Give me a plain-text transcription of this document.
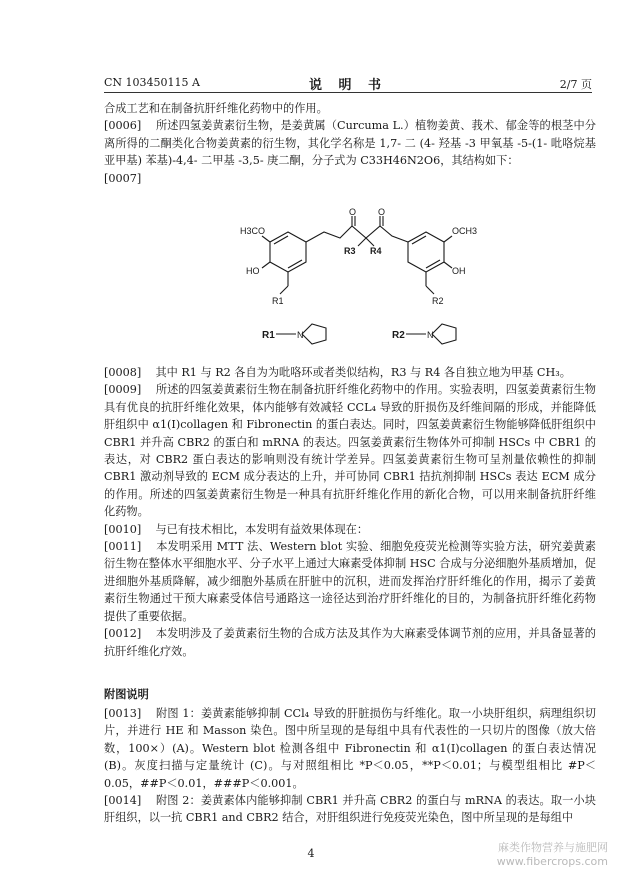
CN 103450115 A	说 明 书	2/7 页

合成工艺和在制备抗肝纤维化药物中的作用。

[0006] 所述四氢姜黄素衍生物，是姜黄属（Curcuma L.）植物姜黄、莪术、郁金等的根茎中分离所得的二酮类化合物姜黄素的衍生物，其化学名称是 1,7- 二 (4- 羟基 -3 甲氧基 -5-(1- 吡咯烷基亚甲基) 苯基)-4,4- 二甲基 -3,5- 庚二酮，分子式为 C33H46N2O6，其结构如下：

[0007]

H3CO	OCH3
HO	OH
O O
R3 R4
R1	R2
R1	R2
N	N

[0008] 其中 R1 与 R2 各自为为吡咯环或者类似结构，R3 与 R4 各自独立地为甲基 CH₃。

[0009] 所述的四氢姜黄素衍生物在制备抗肝纤维化药物中的作用。实验表明，四氢姜黄素衍生物具有优良的抗肝纤维化效果，体内能够有效减轻 CCL₄ 导致的肝损伤及纤维间隔的形成，并能降低肝组织中 α1(I)collagen 和 Fibronectin 的蛋白表达。同时，四氢姜黄素衍生物能够降低肝组织中 CBR1 并升高 CBR2 的蛋白和 mRNA 的表达。四氢姜黄素衍生物体外可抑制 HSCs 中 CBR1 的表达，对 CBR2 蛋白表达的影响则没有统计学差异。四氢姜黄素衍生物可呈剂量依赖性的抑制 CBR1 激动剂导致的 ECM 成分表达的上升，并可协同 CBR1 拮抗剂抑制 HSCs 表达 ECM 成分的作用。所述的四氢姜黄素衍生物是一种具有抗肝纤维化作用的新化合物，可以用来制备抗肝纤维化药物。

[0010] 与已有技术相比，本发明有益效果体现在：

[0011] 本发明采用 MTT 法、Western blot 实验、细胞免疫荧光检测等实验方法，研究姜黄素衍生物在整体水平细胞水平、分子水平上通过大麻素受体抑制 HSC 合成与分泌细胞外基质增加，促进细胞外基质降解，减少细胞外基质在肝脏中的沉积，进而发挥治疗肝纤维化的作用，揭示了姜黄素衍生物通过干预大麻素受体信号通路这一途径达到治疗肝纤维化的目的，为制备抗肝纤维化药物提供了重要依据。

[0012] 本发明涉及了姜黄素衍生物的合成方法及其作为大麻素受体调节剂的应用，并具备显著的抗肝纤维化疗效。

附图说明

[0013] 附图 1：姜黄素能够抑制 CCl₄ 导致的肝脏损伤与纤维化。取一小块肝组织，病理组织切片，并进行 HE 和 Masson 染色。图中所呈现的是每组中具有代表性的一只切片的图像（放大倍数，100×）(A)。Western blot 检测各组中 Fibronectin 和 α1(I)collagen 的蛋白表达情况 (B)。灰度扫描与定量统计 (C)。与对照组相比 *P＜0.05，**P＜0.01；与模型组相比 #P＜0.05，##P＜0.01，###P＜0.001。

[0014] 附图 2：姜黄素体内能够抑制 CBR1 并升高 CBR2 的蛋白与 mRNA 的表达。取一小块肝组织，以一抗 CBR1 and CBR2 结合，对肝组织进行免疫荧光染色，图中所呈现的是每组中

4	麻类作物营养与施肥网
www.fibercrops.com
